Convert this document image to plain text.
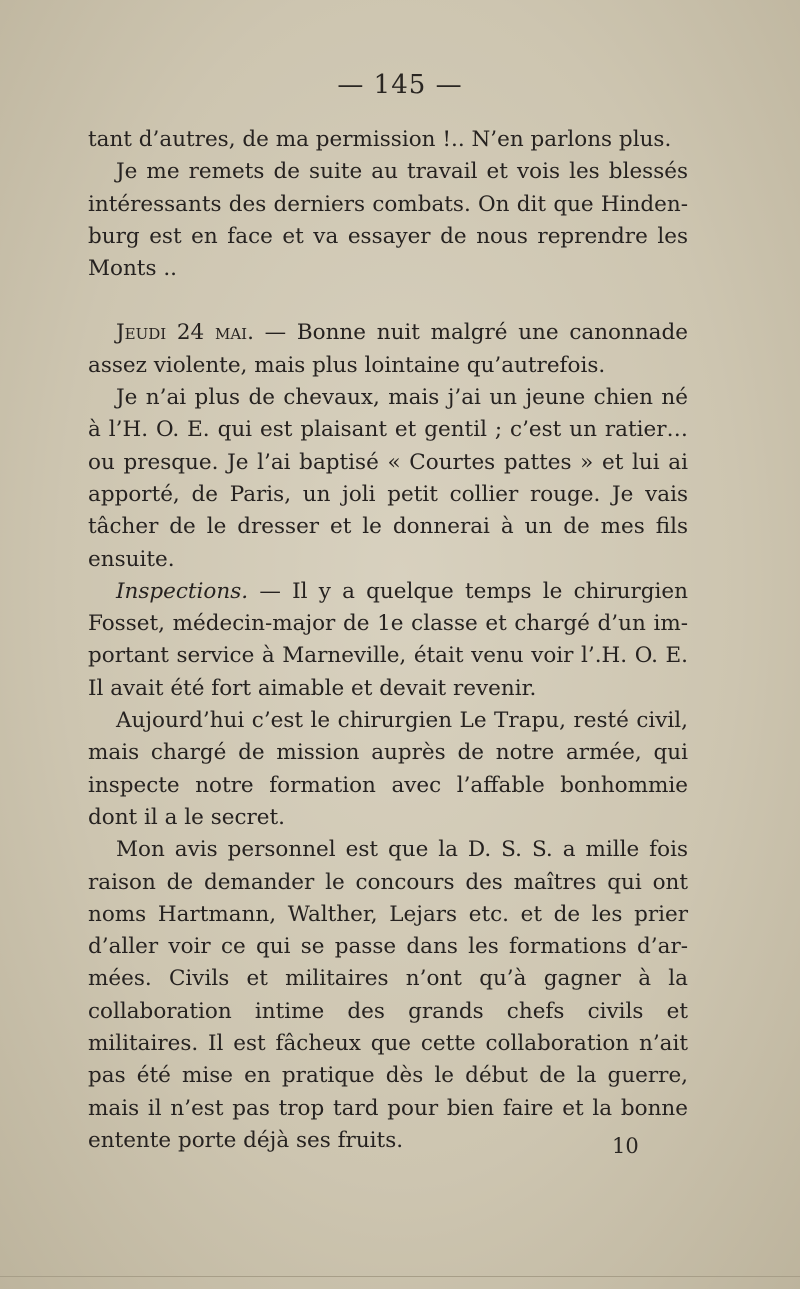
— 145 —

tant d’autres, de ma permission !.. N’en parlons plus.

Je me remets de suite au travail et vois les blessés intéressants des derniers combats. On dit que Hindenburg est en face et va essayer de nous reprendre les Monts ..

Jeudi 24 mai. — Bonne nuit malgré une canonnade assez violente, mais plus lointaine qu’autrefois.

Je n’ai plus de chevaux, mais j’ai un jeune chien né à l’H. O. E. qui est plaisant et gentil ; c’est un ratier… ou presque. Je l’ai baptisé « Courtes pattes » et lui ai apporté, de Paris, un joli petit collier rouge. Je vais tâcher de le dresser et le donnerai à un de mes fils ensuite.

Inspections. — Il y a quelque temps le chirurgien Fosset, médecin-major de 1e classe et chargé d’un important service à Marneville, était venu voir l’.H. O. E. Il avait été fort aimable et devait revenir.

Aujourd’hui c’est le chirurgien Le Trapu, resté civil, mais chargé de mission auprès de notre armée, qui inspecte notre formation avec l’affable bonhommie dont il a le secret.

Mon avis personnel est que la D. S. S. a mille fois raison de demander le concours des maîtres qui ont noms Hartmann, Walther, Lejars etc. et de les prier d’aller voir ce qui se passe dans les formations d’armées. Civils et militaires n’ont qu’à gagner à la collaboration intime des grands chefs civils et militaires. Il est fâcheux que cette collaboration n’ait pas été mise en pratique dès le début de la guerre, mais il n’est pas trop tard pour bien faire et la bonne entente porte déjà ses fruits.	10
